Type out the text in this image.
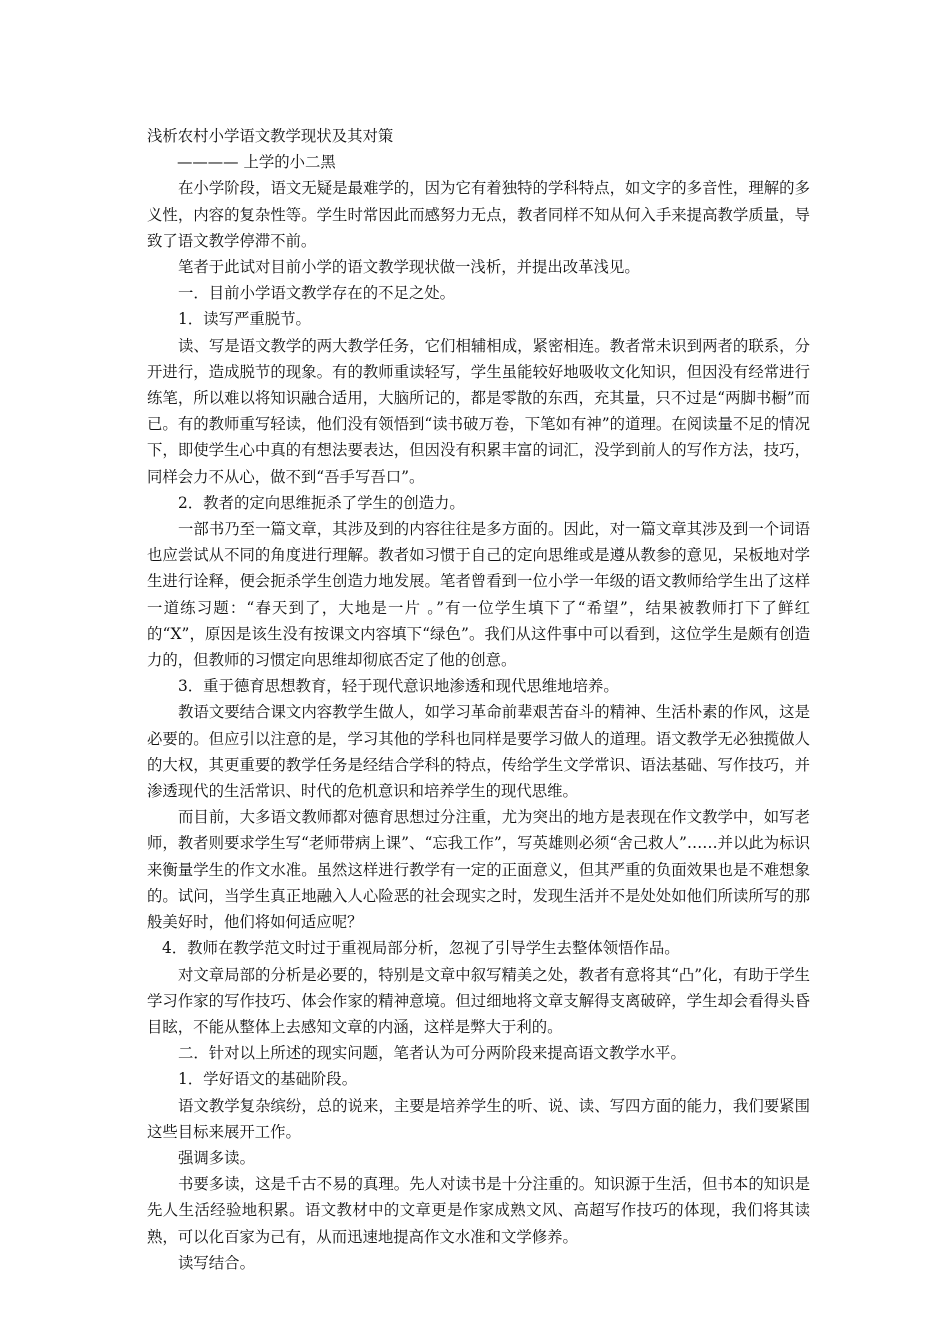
浅析农村小学语文教学现状及其对策

———— 上学的小二黑

在小学阶段，语文无疑是最难学的，因为它有着独特的学科特点，如文字的多音性，理解的多义性，内容的复杂性等。学生时常因此而感努力无点，教者同样不知从何入手来提高教学质量，导致了语文教学停滞不前。

笔者于此试对目前小学的语文教学现状做一浅析，并提出改革浅见。

一．目前小学语文教学存在的不足之处。

1．读写严重脱节。

读、写是语文教学的两大教学任务，它们相辅相成，紧密相连。教者常未识到两者的联系，分开进行，造成脱节的现象。有的教师重读轻写，学生虽能较好地吸收文化知识，但因没有经常进行练笔，所以难以将知识融合适用，大脑所记的，都是零散的东西，充其量，只不过是“两脚书橱”而已。有的教师重写轻读，他们没有领悟到“读书破万卷，下笔如有神”的道理。在阅读量不足的情况下，即使学生心中真的有想法要表达，但因没有积累丰富的词汇，没学到前人的写作方法，技巧，同样会力不从心，做不到“吾手写吾口”。

2．教者的定向思维扼杀了学生的创造力。

一部书乃至一篇文章，其涉及到的内容往往是多方面的。因此，对一篇文章其涉及到一个词语也应尝试从不同的角度进行理解。教者如习惯于自己的定向思维或是遵从教参的意见，呆板地对学生进行诠释，便会扼杀学生创造力地发展。笔者曾看到一位小学一年级的语文教师给学生出了这样一道练习题：“春天到了，大地是一片 。”有一位学生填下了“希望”，结果被教师打下了鲜红的“Ⅹ”，原因是该生没有按课文内容填下“绿色”。我们从这件事中可以看到，这位学生是颇有创造力的，但教师的习惯定向思维却彻底否定了他的创意。

3．重于德育思想教育，轻于现代意识地渗透和现代思维地培养。

教语文要结合课文内容教学生做人，如学习革命前辈艰苦奋斗的精神、生活朴素的作风，这是必要的。但应引以注意的是，学习其他的学科也同样是要学习做人的道理。语文教学无必独揽做人的大权，其更重要的教学任务是经结合学科的特点，传给学生文学常识、语法基础、写作技巧，并渗透现代的生活常识、时代的危机意识和培养学生的现代思维。

而目前，大多语文教师都对德育思想过分注重，尤为突出的地方是表现在作文教学中，如写老师，教者则要求学生写“老师带病上课”、“忘我工作”，写英雄则必须“舍己救人”……并以此为标识来衡量学生的作文水准。虽然这样进行教学有一定的正面意义，但其严重的负面效果也是不难想象的。试问，当学生真正地融入人心险恶的社会现实之时，发现生活并不是处处如他们所读所写的那般美好时，他们将如何适应呢？

4．教师在教学范文时过于重视局部分析，忽视了引导学生去整体领悟作品。

对文章局部的分析是必要的，特别是文章中叙写精美之处，教者有意将其“凸”化，有助于学生学习作家的写作技巧、体会作家的精神意境。但过细地将文章支解得支离破碎，学生却会看得头昏目眩，不能从整体上去感知文章的内涵，这样是弊大于利的。

二．针对以上所述的现实问题，笔者认为可分两阶段来提高语文教学水平。

1．学好语文的基础阶段。

语文教学复杂缤纷，总的说来，主要是培养学生的听、说、读、写四方面的能力，我们要紧围这些目标来展开工作。

强调多读。

书要多读，这是千古不易的真理。先人对读书是十分注重的。知识源于生活，但书本的知识是先人生活经验地积累。语文教材中的文章更是作家成熟文风、高超写作技巧的体现，我们将其读熟，可以化百家为己有，从而迅速地提高作文水准和文学修养。

读写结合。
